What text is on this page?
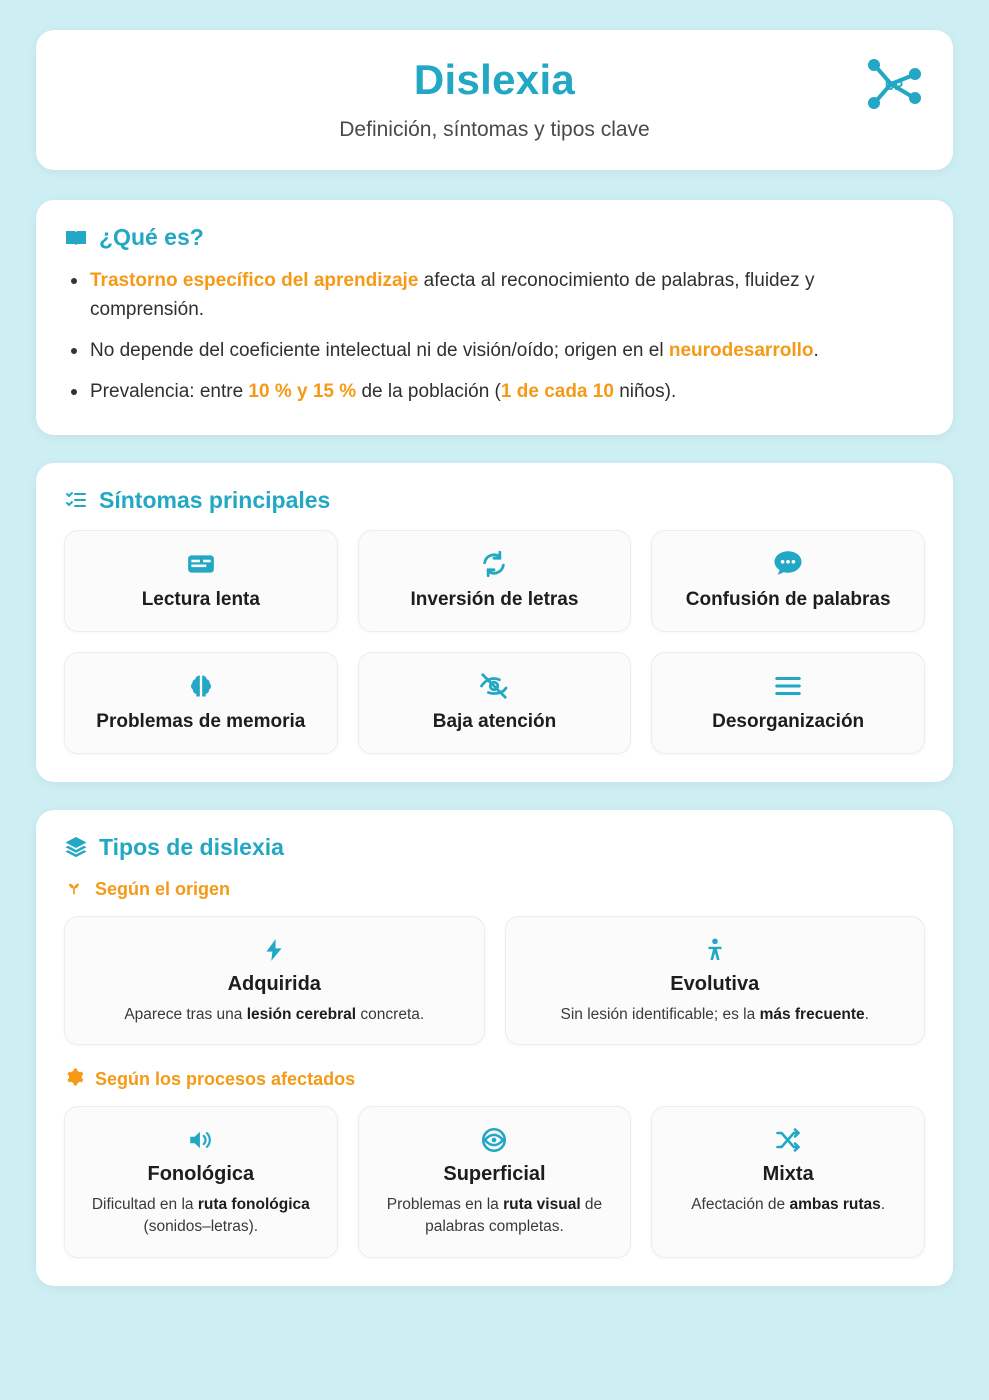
Dislexia
Definición, síntomas y tipos clave
UP
¿Qué es?
Trastorno específico del aprendizaje afecta al reconocimiento de palabras, fluidez y comprensión.
No depende del coeficiente intelectual ni de visión/oído; origen en el neurodesarrollo.
Prevalencia: entre 10 % y 15 % de la población (1 de cada 10 niños).
Síntomas principales
Lectura lenta	Inversión de letras	Confusión de palabras
Problemas de memoria	Baja atención	Desorganización
Tipos de dislexia
Según el origen
Adquirida
Aparece tras una lesión cerebral concreta.
Evolutiva
Sin lesión identificable; es la más frecuente.
Según los procesos afectados
Fonológica
Dificultad en la ruta fonológica (sonidos–letras).
Superficial
Problemas en la ruta visual de palabras completas.
Mixta
Afectación de ambas rutas.
